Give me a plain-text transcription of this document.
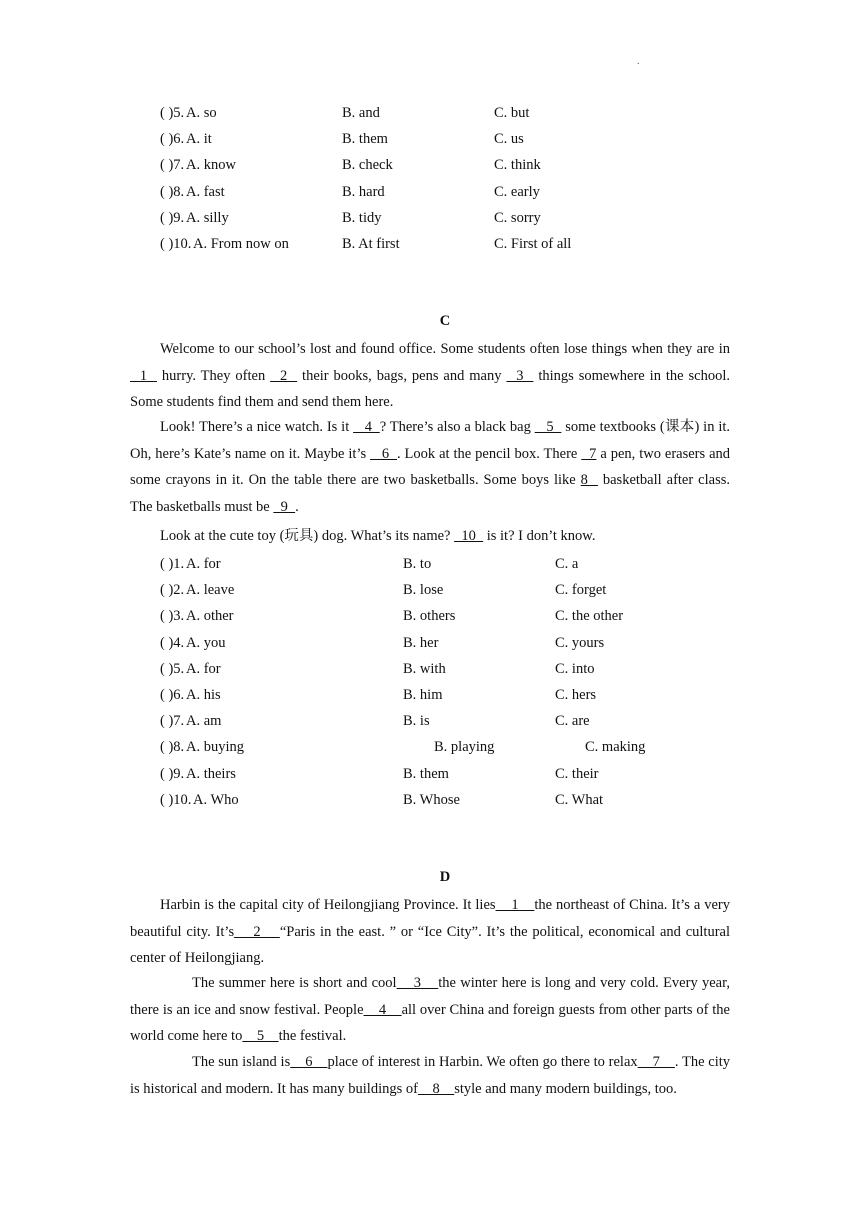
.
( )5. A. so	B. and	C. but
( )6. A. it	B. them	C. us
( )7. A. know	B. check	C. think
( )8. A. fast	B. hard	C. early
( )9. A. silly	B. tidy	C. sorry
( )10. A. From now on	B. At first	C. First of all
C
Welcome to our school’s lost and found office. Some students often lose things when they are in   1   hurry. They often   2   their books, bags, pens and many   3   things somewhere in the school. Some students find them and send them here.
Look! There’s a nice watch. Is it    4  ? There’s also a black bag    5   some textbooks (课本) in it. Oh, here’s Kate’s name on it. Maybe it’s    6  . Look at the pencil box. There   7 a pen, two erasers and some crayons in it. On the table there are two basketballs. Some boys like 8   basketball after class. The basketballs must be   9  .
Look at the cute toy (玩具) dog. What’s its name?   10   is it? I don’t know.
( )1. A. for	B. to	C. a
( )2. A. leave	B. lose	C. forget
( )3. A. other	B. others	C. the other
( )4. A. you	B. her	C. yours
( )5. A. for	B. with	C. into
( )6. A. his	B. him	C. hers
( )7. A. am	B. is	C. are
( )8. A. buying	B. playing	C. making
( )9. A. theirs	B. them	C. their
( )10. A. Who	B. Whose	C. What
D
Harbin is the capital city of Heilongjiang Province. It lies    1    the northeast of China. It’s a very beautiful city. It’s    2    “Paris in the east. ” or “Ice City”. It’s the political, economical and cultural center of Heilongjiang.
The summer here is short and cool    3    the winter here is long and very cold. Every year, there is an ice and snow festival. People    4    all over China and foreign guests from other parts of the world come here to    5    the festival.
The sun island is    6    place of interest in Harbin. We often go there to relax    7    . The city is historical and modern. It has many buildings of    8    style and many modern buildings, too.
